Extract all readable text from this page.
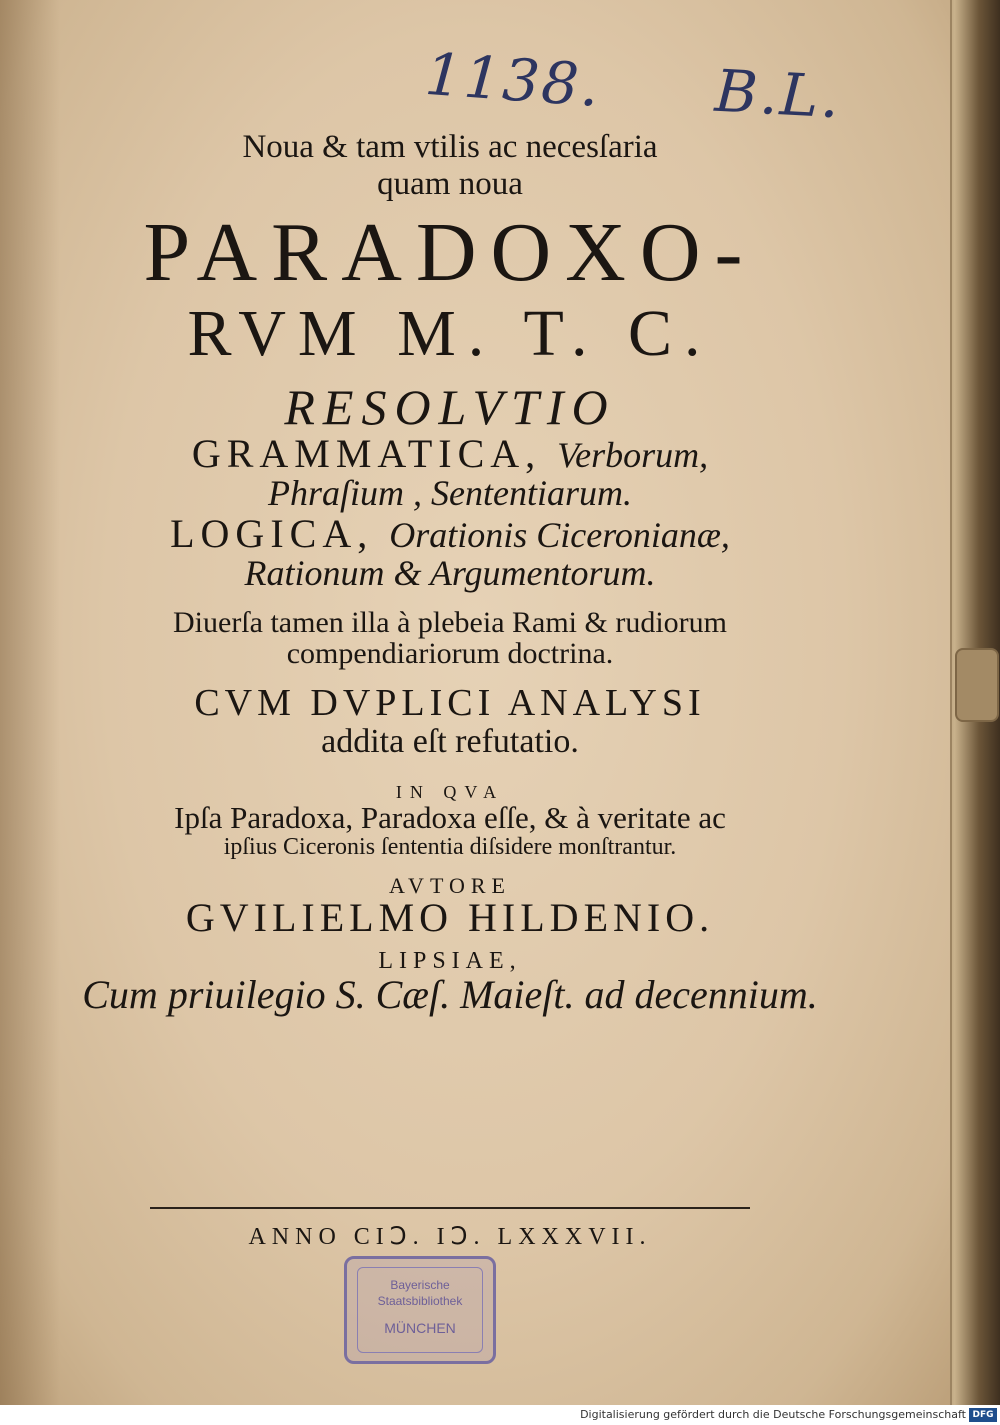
1138. B.L.
Noua & tam vtilis ac necesſaria
quam noua
PARADOXO-
RVM M. T. C.
RESOLVTIO
GRAMMATICA, Verborum,
Phraſium , Sententiarum.
LOGICA, Orationis Ciceronianæ,
Rationum & Argumentorum.
Diuerſa tamen illa à plebeia Rami & rudiorum
compendiariorum doctrina.
CVM DVPLICI ANALYSI
addita eſt refutatio.
IN QVA
Ipſa Paradoxa, Paradoxa eſſe, & à veritate ac
ipſius Ciceronis ſententia diſsidere monſtrantur.
AVTORE
GVILIELMO HILDENIO.
LIPSIAE,
Cum priuilegio S. Cæſ. Maieſt. ad decennium.
ANNO CIↃ. IↃ. LXXXVII.
Bayerische
Staatsbibliothek
MÜNCHEN
Digitalisierung gefördert durch die Deutsche Forschungsgemeinschaft DFG
